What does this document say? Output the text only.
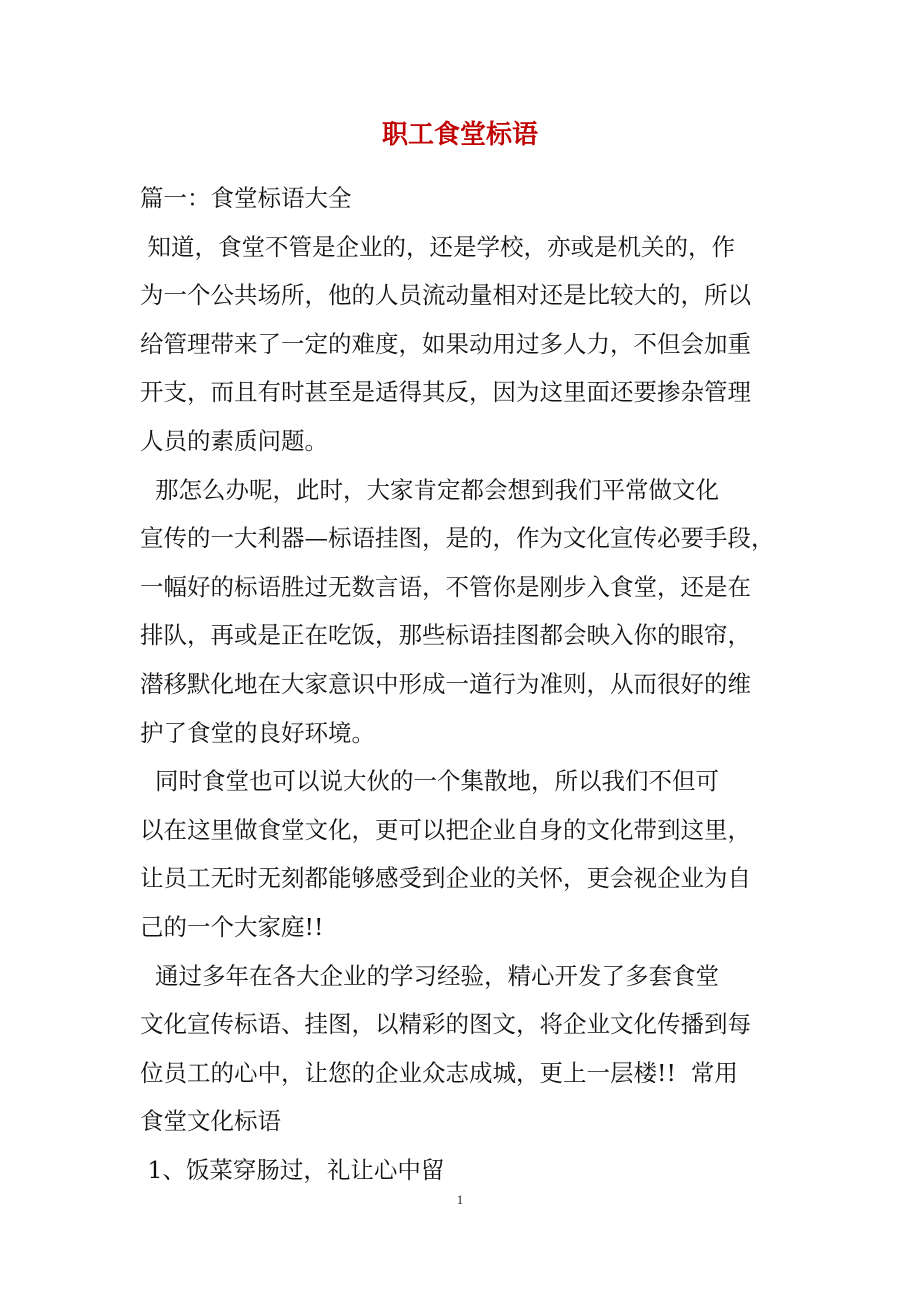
职工食堂标语
篇一：食堂标语大全
知道，食堂不管是企业的，还是学校，亦或是机关的，作
为一个公共场所，他的人员流动量相对还是比较大的，所以
给管理带来了一定的难度，如果动用过多人力，不但会加重
开支，而且有时甚至是适得其反，因为这里面还要掺杂管理
人员的素质问题。
那怎么办呢，此时，大家肯定都会想到我们平常做文化
宣传的一大利器—标语挂图，是的，作为文化宣传必要手段，
一幅好的标语胜过无数言语，不管你是刚步入食堂，还是在
排队，再或是正在吃饭，那些标语挂图都会映入你的眼帘，
潜移默化地在大家意识中形成一道行为准则，从而很好的维
护了食堂的良好环境。
同时食堂也可以说大伙的一个集散地，所以我们不但可
以在这里做食堂文化，更可以把企业自身的文化带到这里，
让员工无时无刻都能够感受到企业的关怀，更会视企业为自
己的一个大家庭!!
通过多年在各大企业的学习经验，精心开发了多套食堂
文化宣传标语、挂图，以精彩的图文，将企业文化传播到每
位员工的心中，让您的企业众志成城，更上一层楼!!  常用
食堂文化标语
1、饭菜穿肠过，礼让心中留
1
